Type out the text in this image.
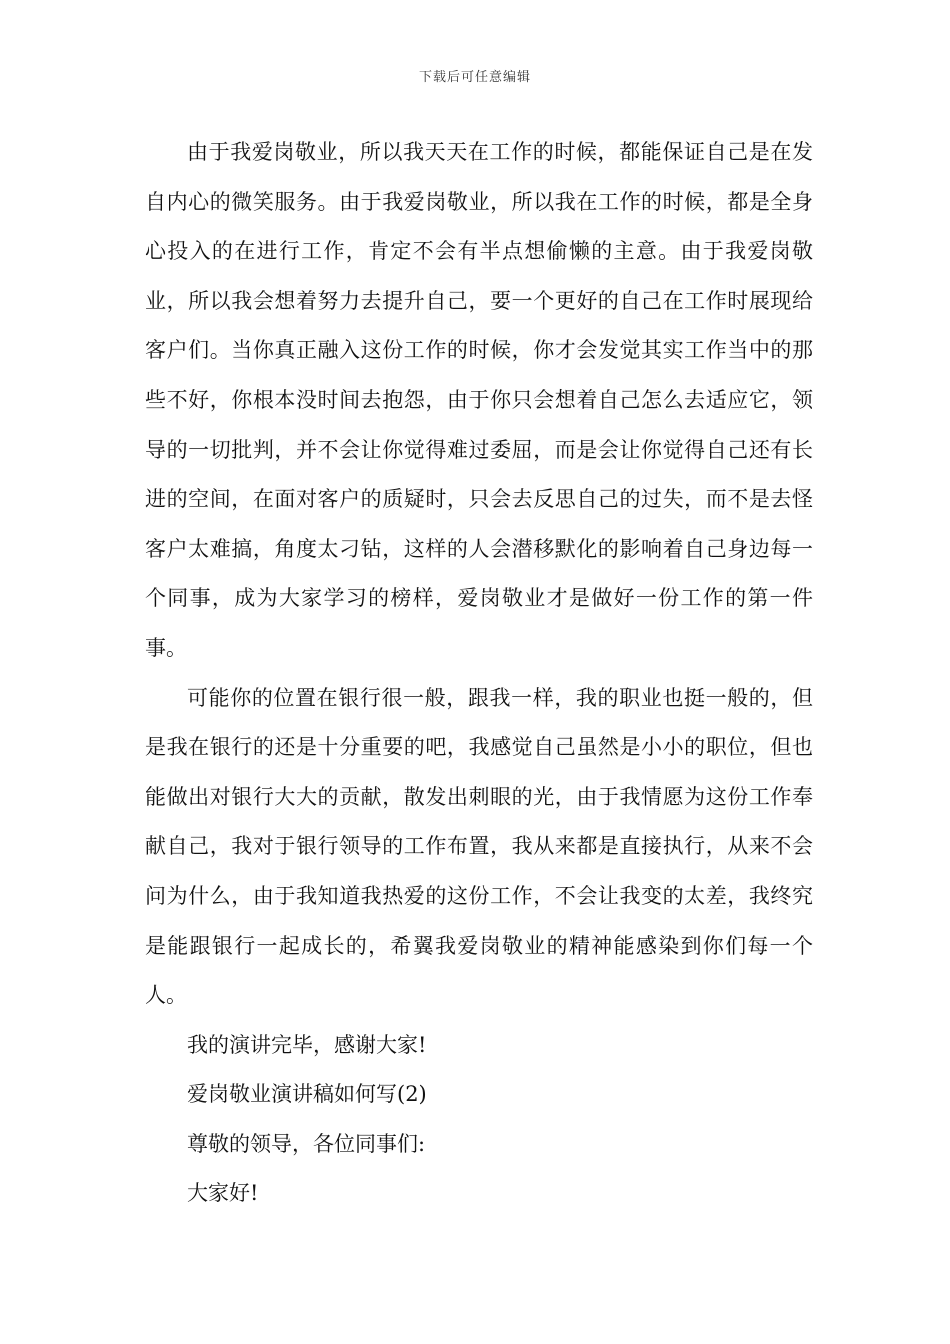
下载后可任意编辑

由于我爱岗敬业，所以我天天在工作的时候，都能保证自己是在发自内心的微笑服务。由于我爱岗敬业，所以我在工作的时候，都是全身心投入的在进行工作，肯定不会有半点想偷懒的主意。由于我爱岗敬业，所以我会想着努力去提升自己，要一个更好的自己在工作时展现给客户们。当你真正融入这份工作的时候，你才会发觉其实工作当中的那些不好，你根本没时间去抱怨，由于你只会想着自己怎么去适应它，领导的一切批判，并不会让你觉得难过委屈，而是会让你觉得自己还有长进的空间，在面对客户的质疑时，只会去反思自己的过失，而不是去怪客户太难搞，角度太刁钻，这样的人会潜移默化的影响着自己身边每一个同事，成为大家学习的榜样，爱岗敬业才是做好一份工作的第一件事。

可能你的位置在银行很一般，跟我一样，我的职业也挺一般的，但是我在银行的还是十分重要的吧，我感觉自己虽然是小小的职位，但也能做出对银行大大的贡献，散发出刺眼的光，由于我情愿为这份工作奉献自己，我对于银行领导的工作布置，我从来都是直接执行，从来不会问为什么，由于我知道我热爱的这份工作，不会让我变的太差，我终究是能跟银行一起成长的，希翼我爱岗敬业的精神能感染到你们每一个人。

我的演讲完毕，感谢大家!

爱岗敬业演讲稿如何写(2)

尊敬的领导，各位同事们:

大家好!
